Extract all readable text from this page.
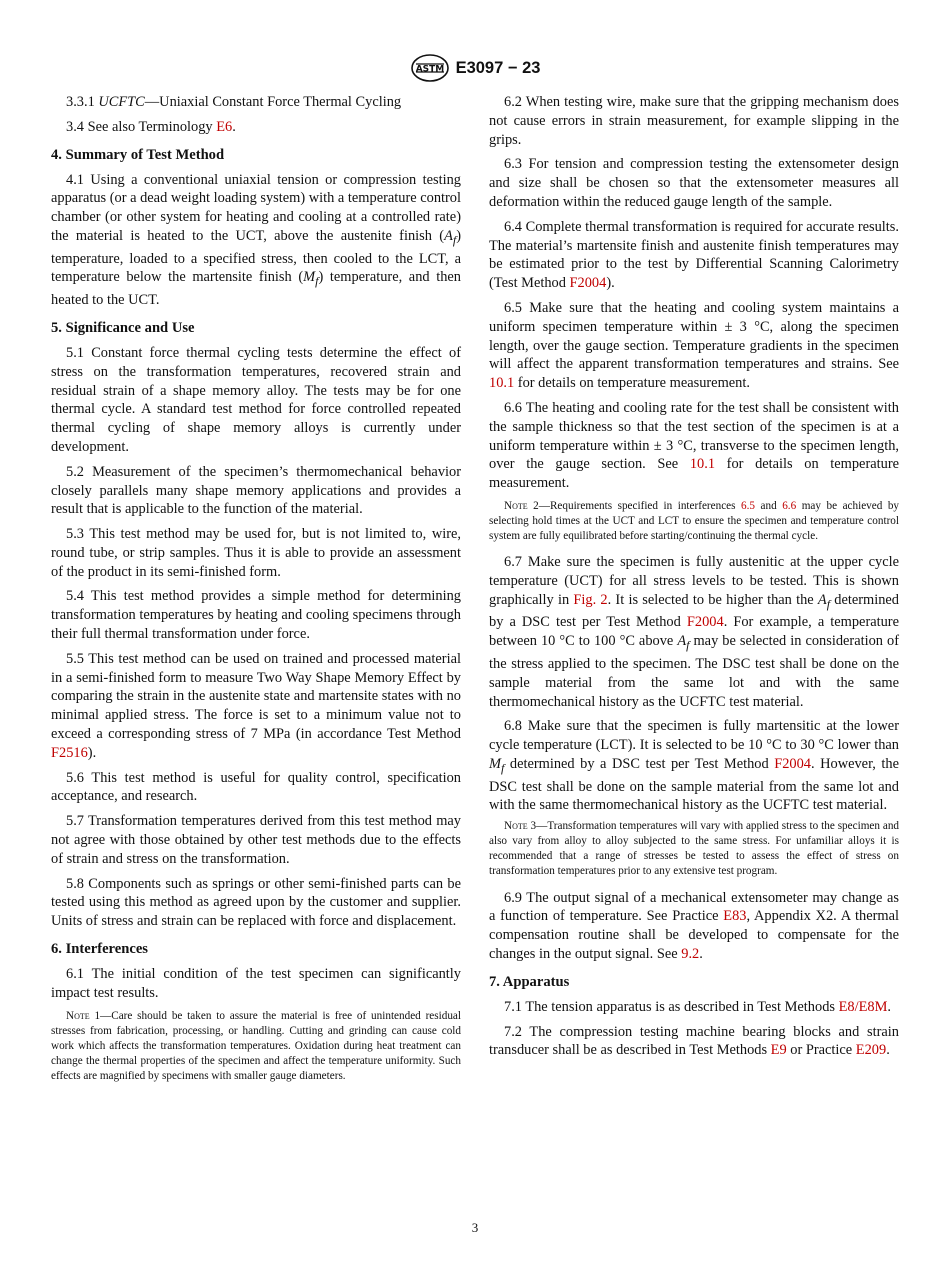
ASTM E3097 − 23

3.3.1 UCFTC—Uniaxial Constant Force Thermal Cycling

3.4 See also Terminology E6.

4. Summary of Test Method

4.1 Using a conventional uniaxial tension or compression testing apparatus (or a dead weight loading system) with a temperature control chamber (or other system for heating and cooling at a controlled rate) the material is heated to the UCT, above the austenite finish $(A_f)$ temperature, loaded to a specified stress, then cooled to the LCT, a temperature below the martensite finish $(M_f)$ temperature, and then heated to the UCT.

5. Significance and Use

5.1 Constant force thermal cycling tests determine the effect of stress on the transformation temperatures, recovered strain and residual strain of a shape memory alloy. The tests may be for one thermal cycle. A standard test method for force controlled repeated thermal cycling of shape memory alloys is currently under development.

5.2 Measurement of the specimen’s thermomechanical behavior closely parallels many shape memory applications and provides a result that is applicable to the function of the material.

5.3 This test method may be used for, but is not limited to, wire, round tube, or strip samples. Thus it is able to provide an assessment of the product in its semi-finished form.

5.4 This test method provides a simple method for determining transformation temperatures by heating and cooling specimens through their full thermal transformation under force.

5.5 This test method can be used on trained and processed material in a semi-finished form to measure Two Way Shape Memory Effect by comparing the strain in the austenite state and martensite states with no minimal applied stress. The force is set to a minimum value not to exceed a corresponding stress of 7 MPa (in accordance Test Method F2516).

5.6 This test method is useful for quality control, specification acceptance, and research.

5.7 Transformation temperatures derived from this test method may not agree with those obtained by other test methods due to the effects of strain and stress on the transformation.

5.8 Components such as springs or other semi-finished parts can be tested using this method as agreed upon by the customer and supplier. Units of stress and strain can be replaced with force and displacement.

6. Interferences

6.1 The initial condition of the test specimen can significantly impact test results.

Note 1—Care should be taken to assure the material is free of unintended residual stresses from fabrication, processing, or handling. Cutting and grinding can cause cold work which affects the transformation temperatures. Oxidation during heat treatment can change the thermal properties of the specimen and affect the temperature uniformity. Such effects are magnified by specimens with smaller gauge diameters.

6.2 When testing wire, make sure that the gripping mechanism does not cause errors in strain measurement, for example slipping in the grips.

6.3 For tension and compression testing the extensometer design and size shall be chosen so that the extensometer measures all deformation within the reduced gauge length of the sample.

6.4 Complete thermal transformation is required for accurate results. The material’s martensite finish and austenite finish temperatures may be estimated prior to the test by Differential Scanning Calorimetry (Test Method F2004).

6.5 Make sure that the heating and cooling system maintains a uniform specimen temperature within ± 3 °C, along the specimen length, over the gauge section. Temperature gradients in the specimen will affect the apparent transformation temperatures and strains. See 10.1 for details on temperature measurement.

6.6 The heating and cooling rate for the test shall be consistent with the sample thickness so that the test section of the specimen is at a uniform temperature within ± 3 °C, transverse to the specimen length, over the gauge section. See 10.1 for details on temperature measurement.

Note 2—Requirements specified in interferences 6.5 and 6.6 may be achieved by selecting hold times at the UCT and LCT to ensure the specimen and temperature control system are fully equilibrated before starting/continuing the thermal cycle.

6.7 Make sure the specimen is fully austenitic at the upper cycle temperature (UCT) for all stress levels to be tested. This is shown graphically in Fig. 2. It is selected to be higher than the $A_f$ determined by a DSC test per Test Method F2004. For example, a temperature between 10 °C to 100 °C above $A_f$ may be selected in consideration of the stress applied to the specimen. The DSC test shall be done on the sample material from the same lot and with the same thermomechanical history as the UCFTC test material.

6.8 Make sure that the specimen is fully martensitic at the lower cycle temperature (LCT). It is selected to be 10 °C to 30 °C lower than $M_f$ determined by a DSC test per Test Method F2004. However, the DSC test shall be done on the sample material from the same lot and with the same thermomechanical history as the UCFTC test material.

Note 3—Transformation temperatures will vary with applied stress to the specimen and also vary from alloy to alloy subjected to the same stress. For unfamiliar alloys it is recommended that a range of stresses be tested to assess the effect of stress on transformation temperatures prior to any extensive test program.

6.9 The output signal of a mechanical extensometer may change as a function of temperature. See Practice E83, Appendix X2. A thermal compensation routine shall be developed to compensate for the changes in the output signal. See 9.2.

7. Apparatus

7.1 The tension apparatus is as described in Test Methods E8/E8M.

7.2 The compression testing machine bearing blocks and strain transducer shall be as described in Test Methods E9 or Practice E209.

3
